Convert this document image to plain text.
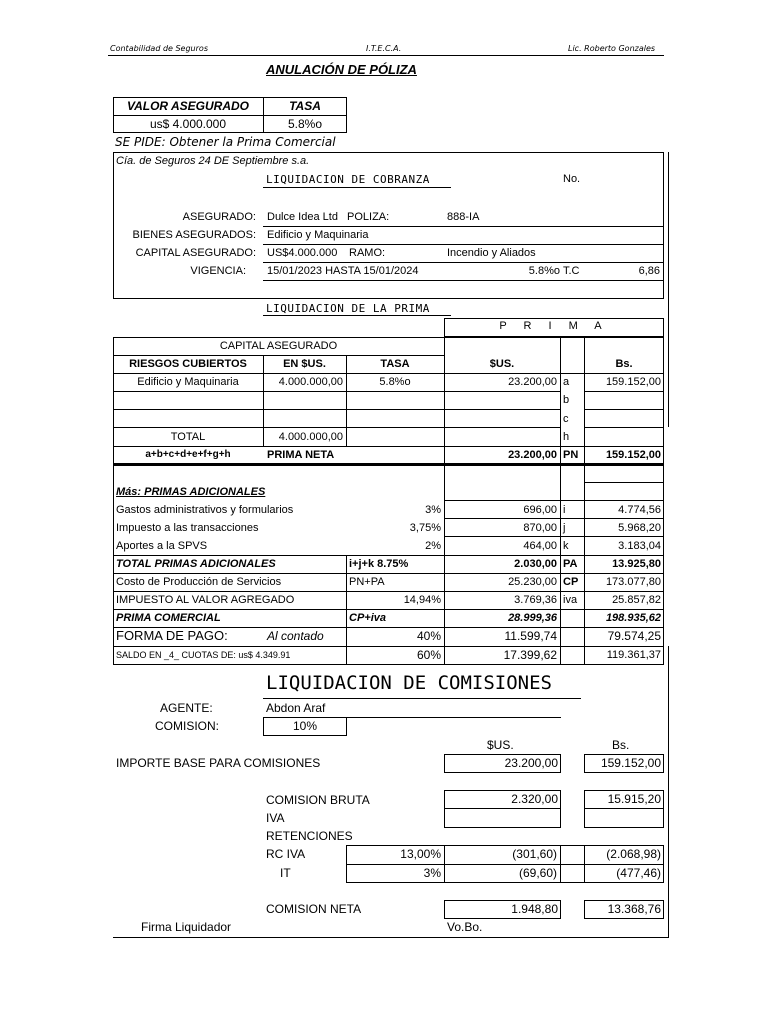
Contabilidad de Seguros	I.T.E.C.A.	Lic. Roberto Gonzales
ANULACIÓN DE PÓLIZA
VALOR ASEGURADO	TASA
us$ 4.000.000	5.8%o
SE PIDE: Obtener la Prima Comercial
Cía. de Seguros 24 DE Septiembre s.a.
LIQUIDACION DE COBRANZA	No.
ASEGURADO: Dulce Idea Ltd POLIZA:	888-IA
BIENES ASEGURADOS: Edificio y Maquinaria
CAPITAL ASEGURADO: US$4.000.000 RAMO:	Incendio y Aliados
VIGENCIA: 15/01/2023 HASTA 15/01/2024	5.8%o T.C	6,86
LIQUIDACION DE LA PRIMA
P R I M A
CAPITAL ASEGURADO
RIESGOS CUBIERTOS	EN $US.	TASA	$US.	Bs.
Edificio y Maquinaria	4.000.000,00	5.8%o	23.200,00 a	159.152,00
b
c
TOTAL	4.000.000,00	h
a+b+c+d+e+f+g+h	PRIMA NETA	23.200,00 PN	159.152,00
Más: PRIMAS ADICIONALES
Gastos administrativos y formularios	3%	696,00 i	4.774,56
Impuesto a las transacciones	3,75%	870,00 j	5.968,20
Aportes a la SPVS	2%	464,00 k	3.183,04
TOTAL PRIMAS ADICIONALES	i+j+k 8.75%	2.030,00 PA	13.925,80
Costo de Producción de Servicios	PN+PA	25.230,00 CP	173.077,80
IMPUESTO AL VALOR AGREGADO	14,94%	3.769,36 iva	25.857,82
PRIMA COMERCIAL	CP+iva	28.999,36	198.935,62
FORMA DE PAGO:	Al contado	40%	11.599,74	79.574,25
SALDO EN _4_ CUOTAS DE: us$ 4.349.91	60%	17.399,62	119.361,37
LIQUIDACION DE COMISIONES
AGENTE:	Abdon Araf
COMISION:	10%
$US.	Bs.
IMPORTE BASE PARA COMISIONES	23.200,00	159.152,00
COMISION BRUTA	2.320,00	15.915,20
IVA
RETENCIONES
RC IVA	13,00%	(301,60)	(2.068,98)
IT	3%	(69,60)	(477,46)
COMISION NETA	1.948,80	13.368,76
Firma Liquidador	Vo.Bo.
